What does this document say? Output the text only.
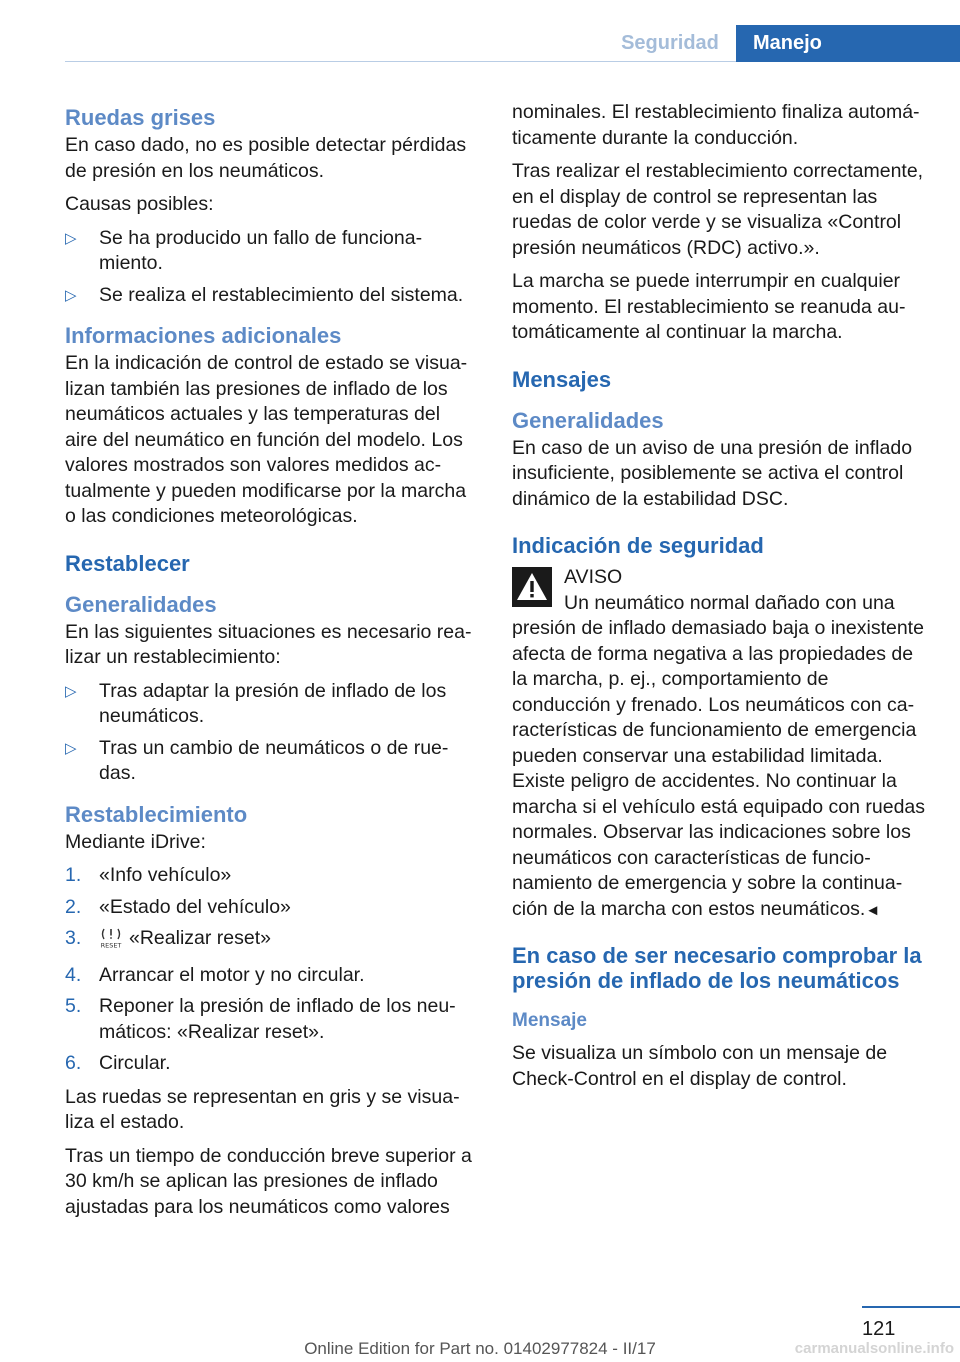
Seguridad	Manejo
Ruedas grises

En caso dado, no es posible detectar pérdidas de presión en los neumáticos.

Causas posibles:

▷ Se ha producido un fallo de funcionamiento.
▷ Se realiza el restablecimiento del sistema.
Informaciones adicionales

En la indicación de control de estado se visualizan también las presiones de inflado de los neumáticos actuales y las temperaturas del aire del neumático en función del modelo. Los valores mostrados son valores medidos actualmente y pueden modificarse por la marcha o las condiciones meteorológicas.

Restablecer
Generalidades

En las siguientes situaciones es necesario realizar un restablecimiento:

▷ Tras adaptar la presión de inflado de los neumáticos.
▷ Tras un cambio de neumáticos o de ruedas.
Restablecimiento

Mediante iDrive:

1. «Info vehículo»
2. «Estado del vehículo»
3.	RESET «Realizar reset»
4. Arrancar el motor y no circular.
5. Reponer la presión de inflado de los neumáticos: «Realizar reset».
6. Circular.

Las ruedas se representan en gris y se visualiza el estado.

Tras un tiempo de conducción breve superior a 30 km/h se aplican las presiones de inflado ajustadas para los neumáticos como valores

nominales. El restablecimiento finaliza automáticamente durante la conducción.

Tras realizar el restablecimiento correctamente, en el display de control se representan las ruedas de color verde y se visualiza «Control presión neumáticos (RDC) activo.».

La marcha se puede interrumpir en cualquier momento. El restablecimiento se reanuda automáticamente al continuar la marcha.

Mensajes
Generalidades

En caso de un aviso de una presión de inflado insuficiente, posiblemente se activa el control dinámico de la estabilidad DSC.

Indicación de seguridad
AVISO
Un neumático normal dañado con una

presión de inflado demasiado baja o inexistente afecta de forma negativa a las propiedades de la marcha, p. ej., comportamiento de conducción y frenado. Los neumáticos con características de funcionamiento de emergencia pueden conservar una estabilidad limitada. Existe peligro de accidentes. No continuar la marcha si el vehículo está equipado con ruedas normales. Observar las indicaciones sobre los neumáticos con características de funcionamiento de emergencia y sobre la continuación de la marcha con estos neumáticos.◄

En caso de ser necesario comprobar la presión de inflado de los neumáticos
Mensaje

Se visualiza un símbolo con un mensaje de Check-Control en el display de control.

121
Online Edition for Part no. 01402977824 - II/17	carmanualsonline.info
